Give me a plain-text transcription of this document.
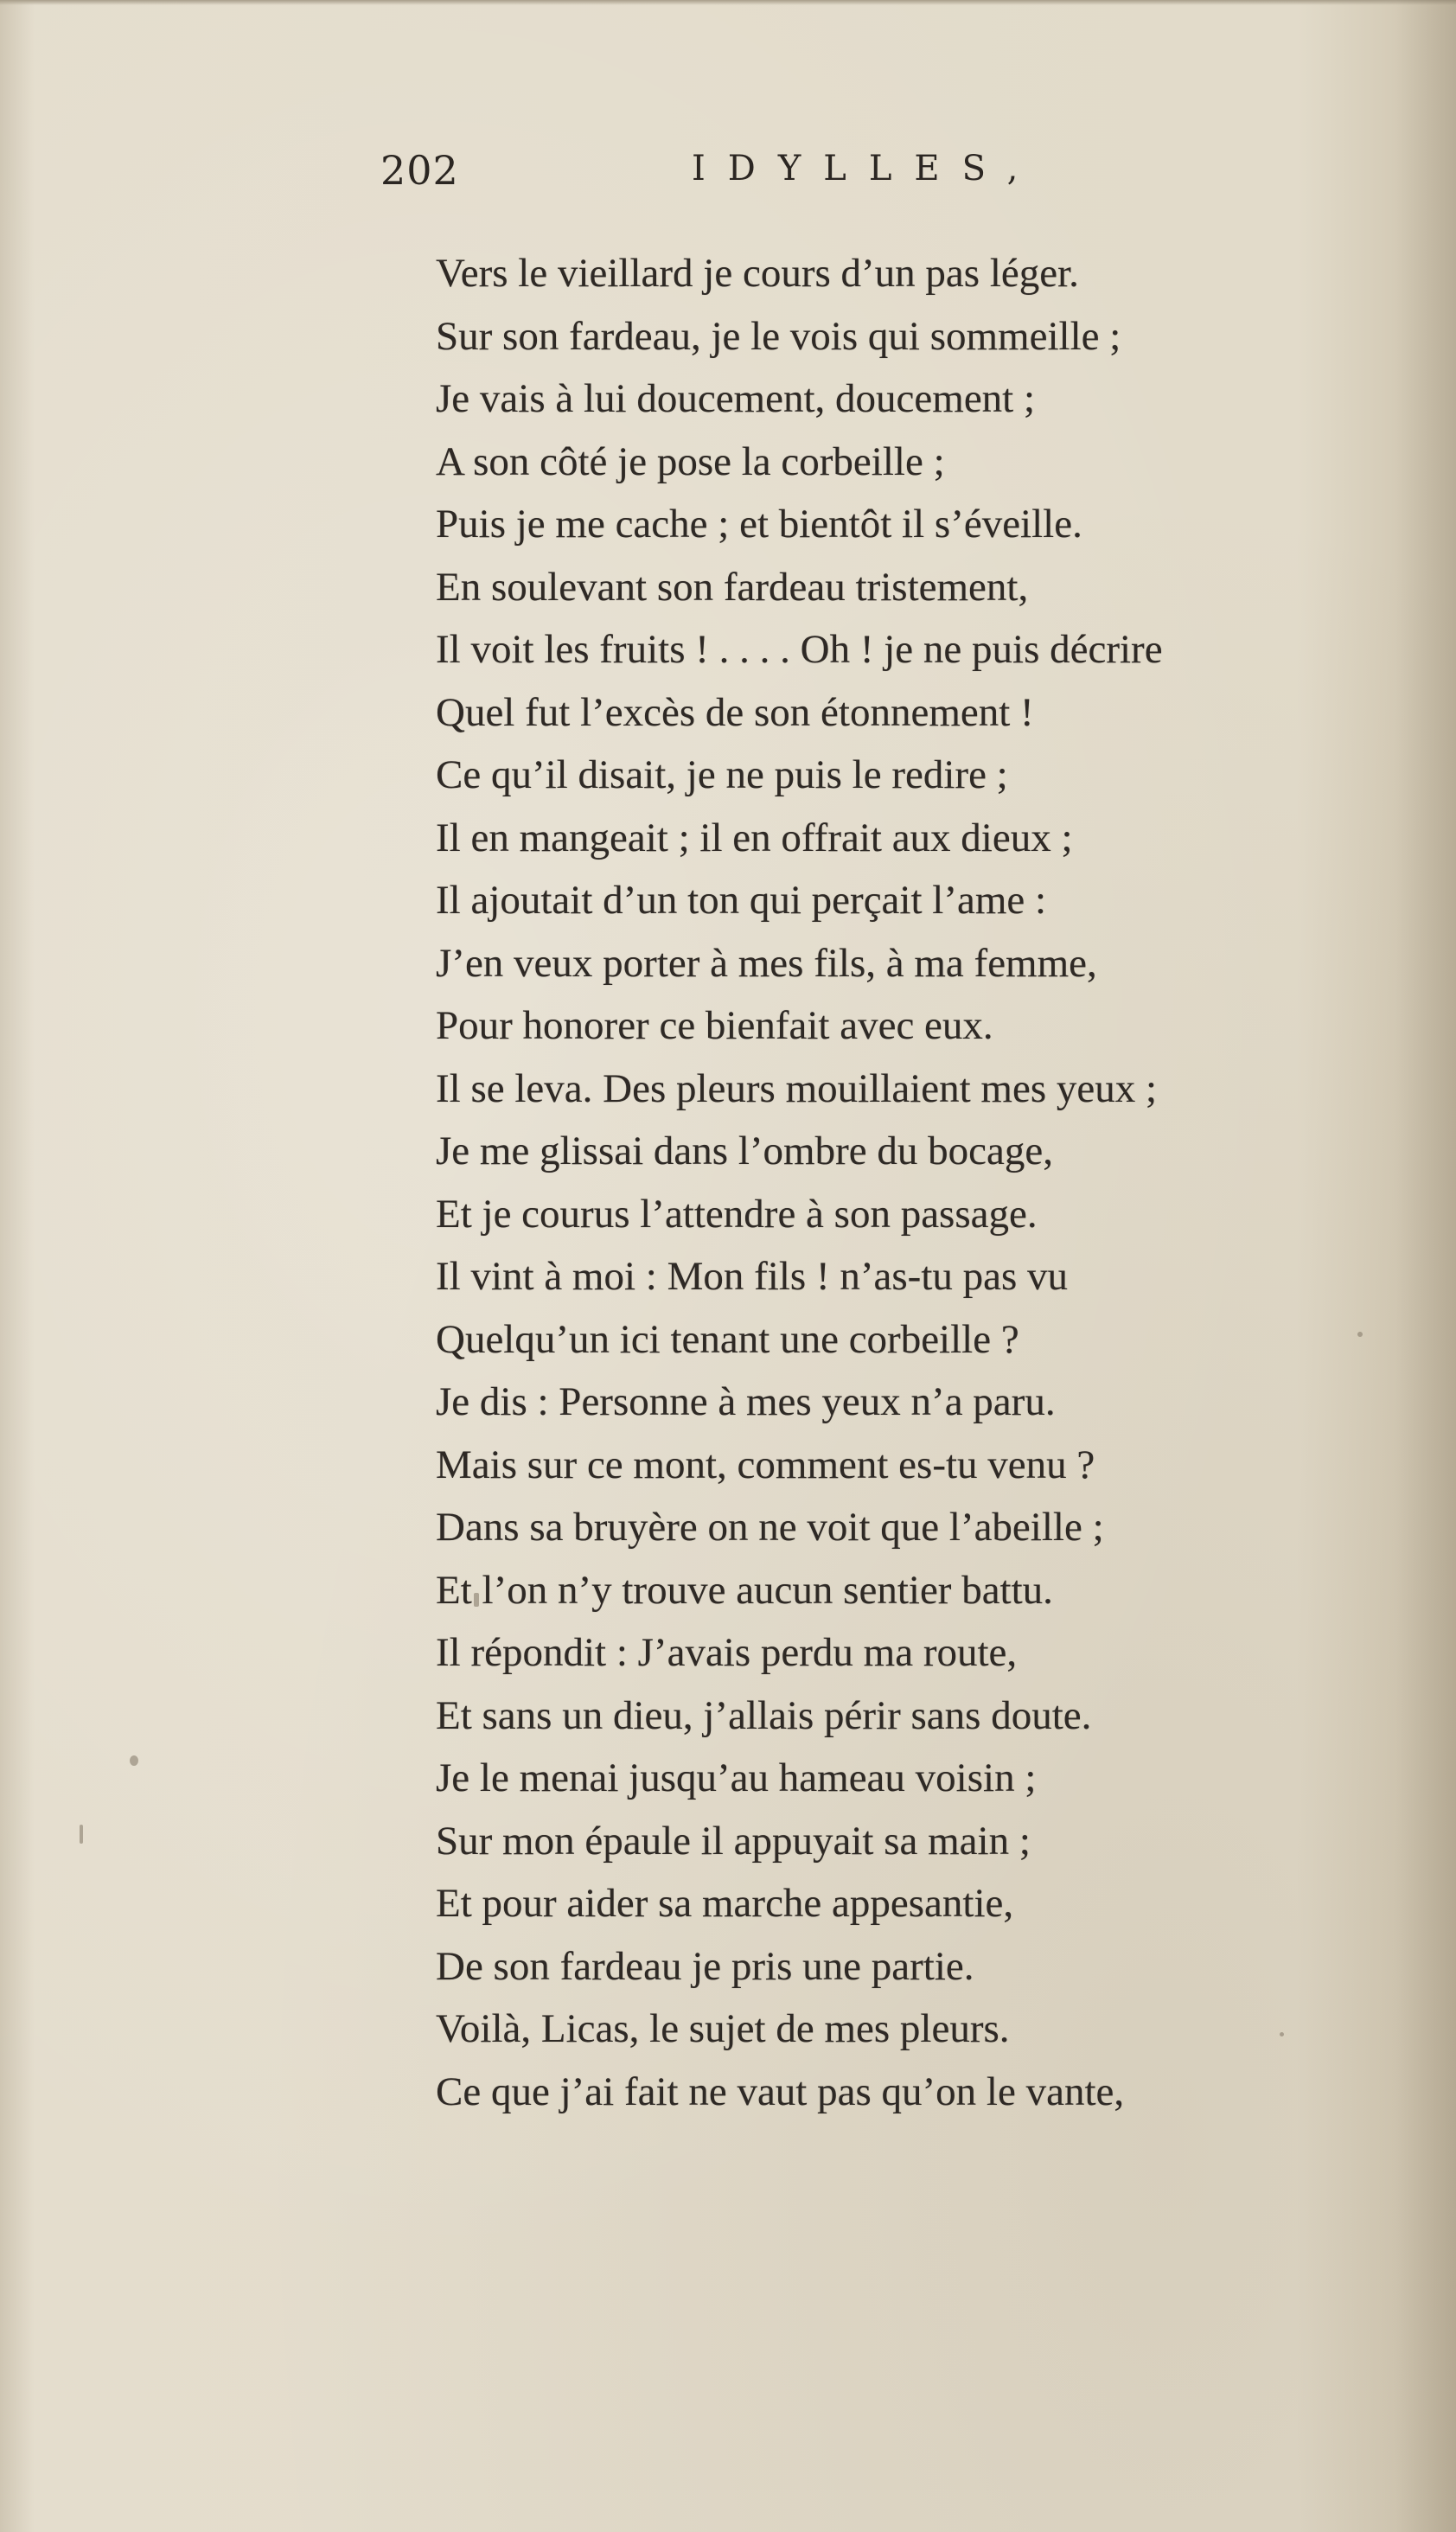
202	IDYLLES,
Vers le vieillard je cours d’un pas léger.
Sur son fardeau, je le vois qui sommeille ;
Je vais à lui doucement, doucement ;
A son côté je pose la corbeille ;
Puis je me cache ; et bientôt il s’éveille.
En soulevant son fardeau tristement,
Il voit les fruits ! . . . . Oh ! je ne puis décrire
Quel fut l’excès de son étonnement !
Ce qu’il disait, je ne puis le redire ;
Il en mangeait ; il en offrait aux dieux ;
Il ajoutait d’un ton qui perçait l’ame :
J’en veux porter à mes fils, à ma femme,
Pour honorer ce bienfait avec eux.
Il se leva. Des pleurs mouillaient mes yeux ;
Je me glissai dans l’ombre du bocage,
Et je courus l’attendre à son passage.
Il vint à moi : Mon fils ! n’as-tu pas vu
Quelqu’un ici tenant une corbeille ?
Je dis : Personne à mes yeux n’a paru.
Mais sur ce mont, comment es-tu venu ?
Dans sa bruyère on ne voit que l’abeille ;
Et l’on n’y trouve aucun sentier battu.
Il répondit : J’avais perdu ma route,
Et sans un dieu, j’allais périr sans doute.
Je le menai jusqu’au hameau voisin ;
Sur mon épaule il appuyait sa main ;
Et pour aider sa marche appesantie,
De son fardeau je pris une partie.
Voilà, Licas, le sujet de mes pleurs.
Ce que j’ai fait ne vaut pas qu’on le vante,
